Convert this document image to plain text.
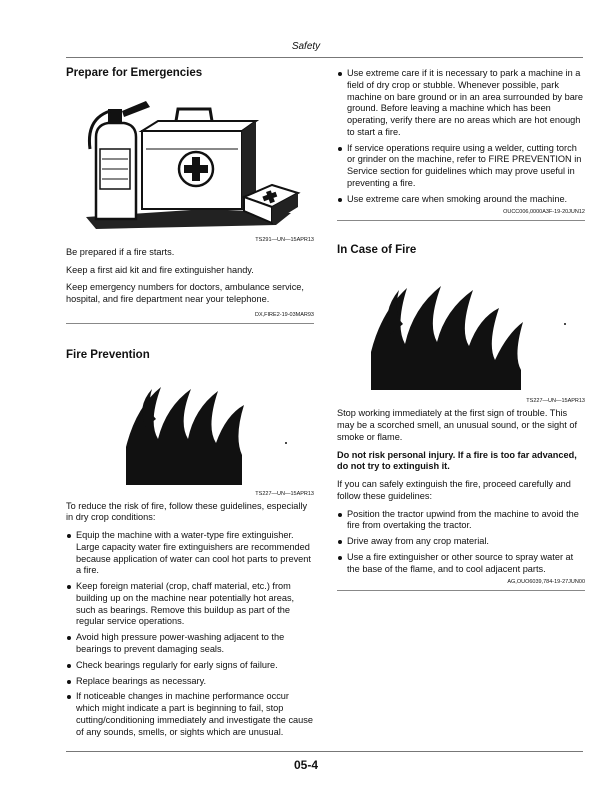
Safety
Prepare for Emergencies
TS291—UN—15APR13

Be prepared if a fire starts.

Keep a first aid kit and fire extinguisher handy.

Keep emergency numbers for doctors, ambulance service, hospital, and fire department near your telephone.

DX,FIRE2-19-03MAR93
Fire Prevention
TS227—UN—15APR13

To reduce the risk of fire, follow these guidelines, especially in dry crop conditions:

Equip the machine with a water-type fire extinguisher. Large capacity water fire extinguishers are recommended because application of water can cool hot parts to prevent a fire.
Keep foreign material (crop, chaff material, etc.) from building up on the machine near potentially hot areas, such as bearings. Remove this buildup as part of the regular service operations.
Avoid high pressure power-washing adjacent to the bearings to prevent damaging seals.
Check bearings regularly for early signs of failure.
Replace bearings as necessary.
If noticeable changes in machine performance occur which might indicate a part is beginning to fail, stop cutting/conditioning immediately and investigate the cause of any sounds, smells, or sights which are unusual.
Use extreme care if it is necessary to park a machine in a field of dry crop or stubble. Whenever possible, park machine on bare ground or in an area surrounded by bare ground. Before leaving a machine which has been operating, verify there are no areas which are hot enough to start a fire.
If service operations require using a welder, cutting torch or grinder on the machine, refer to FIRE PREVENTION in Service section for guidelines which may prove useful in preventing a fire.
Use extreme care when smoking around the machine.
OUCC006,0000A3F-19-20JUN12
In Case of Fire
TS227—UN—15APR13

Stop working immediately at the first sign of trouble. This may be a scorched smell, an unusual sound, or the sight of smoke or flame.

Do not risk personal injury. If a fire is too far advanced, do not try to extinguish it.

If you can safely extinguish the fire, proceed carefully and follow these guidelines:

Position the tractor upwind from the machine to avoid the fire from overtaking the tractor.
Drive away from any crop material.
Use a fire extinguisher or other source to spray water at the base of the flame, and to cool adjacent parts.
AG,OUO6039,784-19-27JUN00
05-4
